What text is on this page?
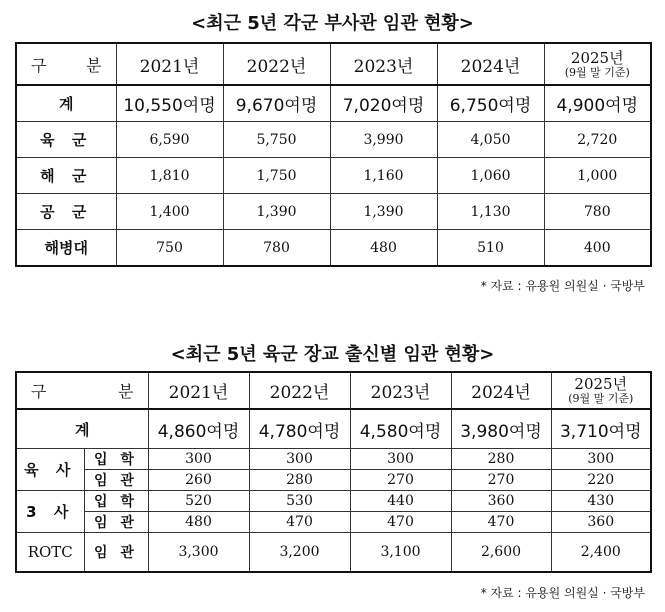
<최근 5년 각군 부사관 임관 현황>
구 분	2021년	2022년	2023년	2024년	2025년
(9월 말 기준)

계	10,550여명	9,670여명	7,020여명	6,750여명	4,900여명
육 군	6,590	5,750	3,990	4,050	2,720
해 군	1,810	1,750	1,160	1,060	1,000
공 군	1,400	1,390	1,390	1,130	780
해병대	750	780	480	510	400
* 자료 : 유용원 의원실 · 국방부
<최근 5년 육군 장교 출신별 임관 현황>
구 분		2021년	2022년	2023년	2024년	2025년
(9월 말 기준)

계		4,860여명	4,780여명	4,580여명	3,980여명	3,710여명
육 사	입 학	300	300	300	280	300
	임 관	260	280	270	270	220
3 사	입 학	520	530	440	360	430
	임 관	480	470	470	470	360
ROTC	임 관	3,300	3,200	3,100	2,600	2,400
* 자료 : 유용원 의원실 · 국방부
